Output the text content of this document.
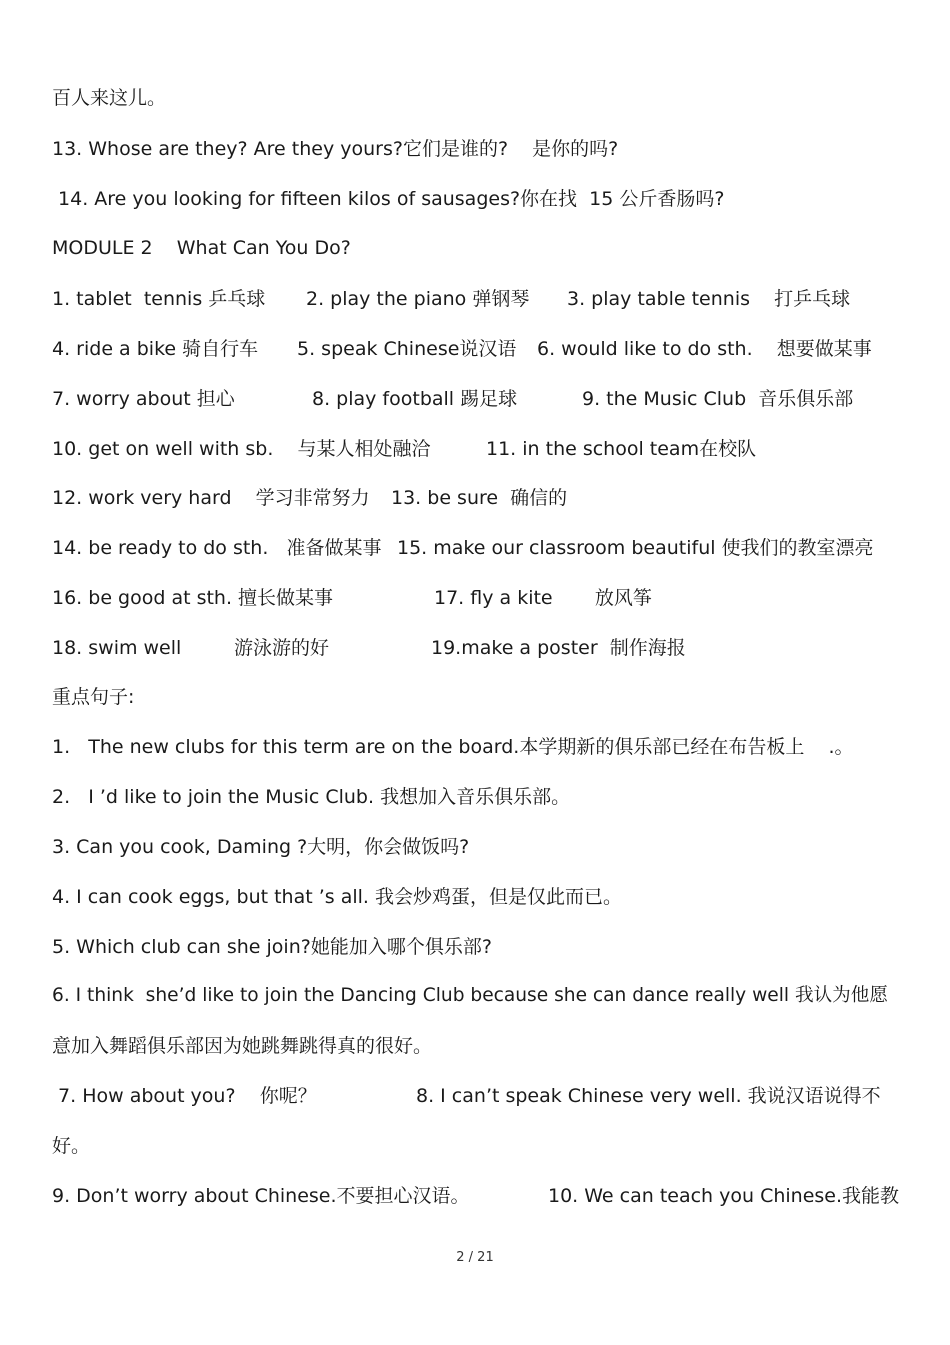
百人来这儿。
13. Whose are they? Are they yours?它们是谁的?    是你的吗?
14. Are you looking for fifteen kilos of sausages?你在找  15 公斤香肠吗?
MODULE 2    What Can You Do?
1. tablet  tennis 乒乓球 2. play the piano 弹钢琴 3. play table tennis    打乒乓球
4. ride a bike 骑自行车 5. speak Chinese说汉语 6. would like to do sth.    想要做某事
7. worry about 担心	8. play football 踢足球	9. the Music Club  音乐俱乐部
10. get on well with sb.    与某人相处融洽	11. in the school team在校队
12. work very hard    学习非常努力 13. be sure  确信的
14. be ready to do sth.   准备做某事 15. make our classroom beautiful 使我们的教室漂亮
16. be good at sth. 擅长做某事	17. fly a kite       放风筝
18. swim well	游泳游的好	19.make a poster  制作海报
重点句子:
1.   The new clubs for this term are on the board.本学期新的俱乐部已经在布告板上    .。
2.   I ’d like to join the Music Club. 我想加入音乐俱乐部。
3. Can you cook, Daming ?大明，你会做饭吗?
4. I can cook eggs, but that ’s all. 我会炒鸡蛋，但是仅此而已。
5. Which club can she join?她能加入哪个俱乐部?
6. I think  she’d like to join the Dancing Club because she can dance really well 我认为他愿
意加入舞蹈俱乐部因为她跳舞跳得真的很好。
7. How about you?    你呢？	8. I can’t speak Chinese very well. 我说汉语说得不
好。
9. Don’t worry about Chinese.不要担心汉语。	10. We can teach you Chinese.我能教
2 / 21
